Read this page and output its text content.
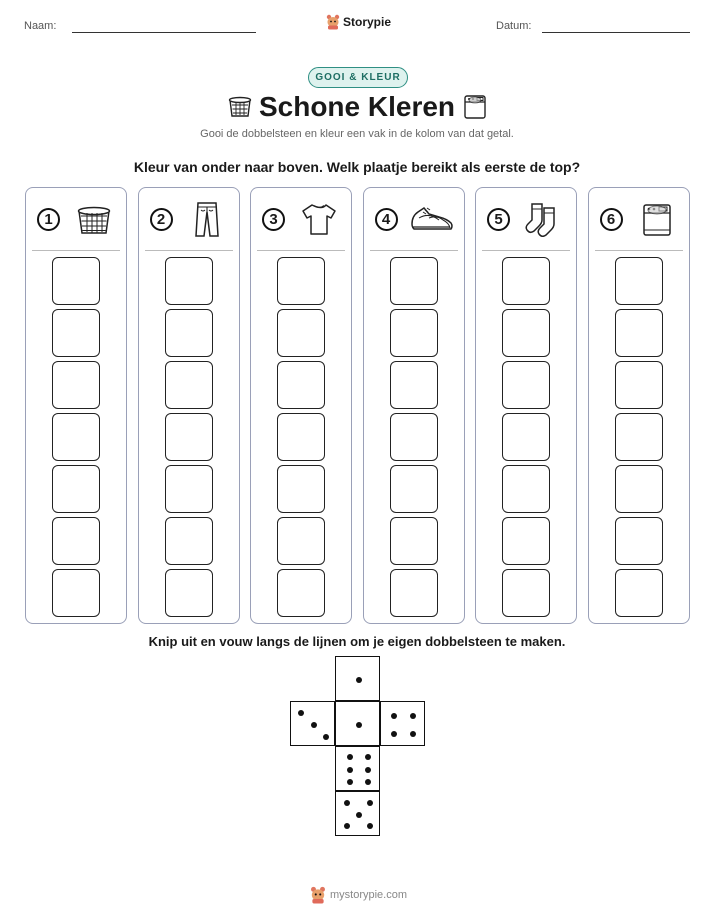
Naam:	Storypie	Datum:
GOOI & KLEUR
Schone Kleren
Gooi de dobbelsteen en kleur een vak in de kolom van dat getal.
Kleur van onder naar boven. Welk plaatje bereikt als eerste de top?
1	2	3	4	5	6
Knip uit en vouw langs de lijnen om je eigen dobbelsteen te maken.
mystorypie.com
